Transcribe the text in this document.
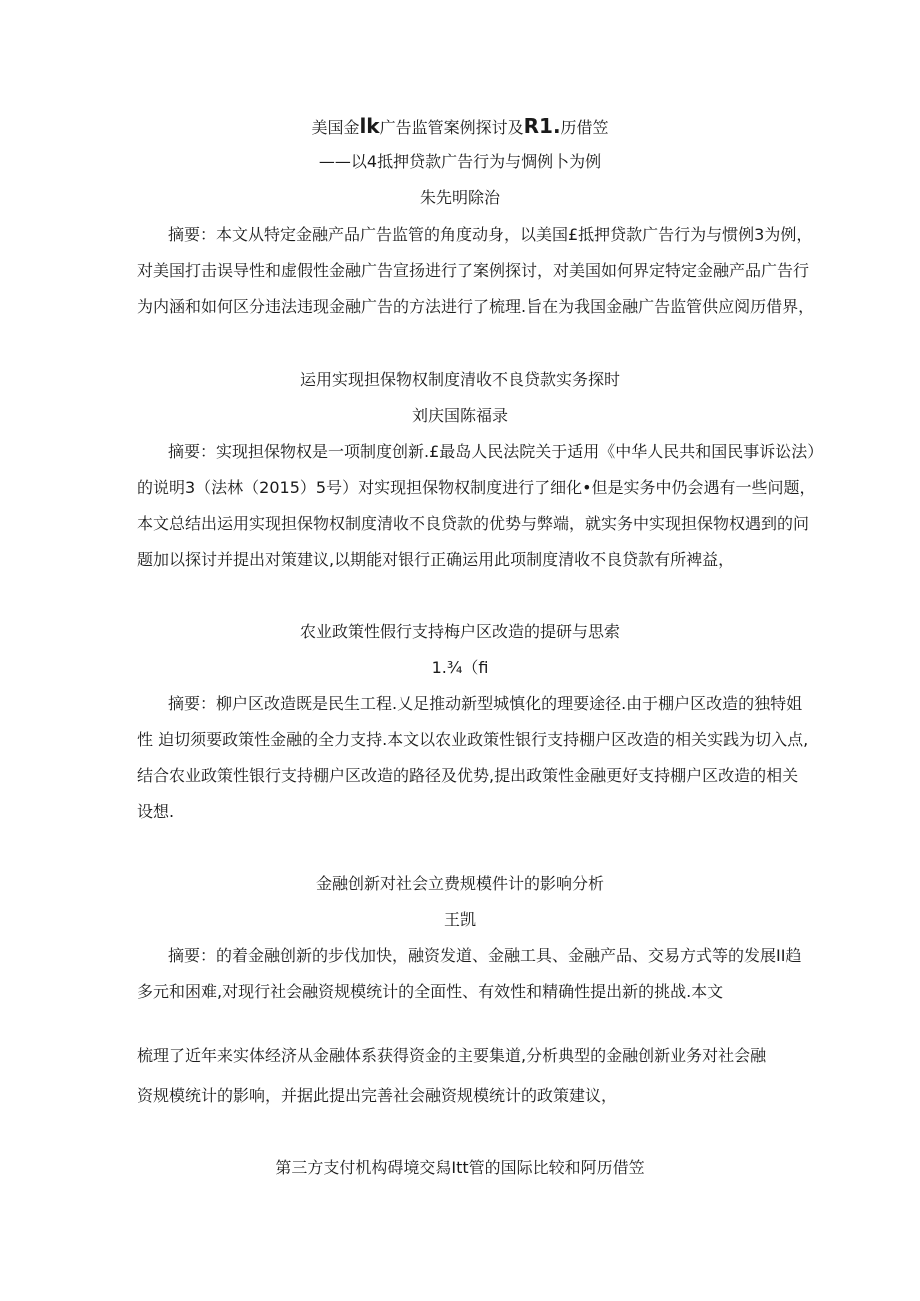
美国金lk广告监管案例探讨及R1.历借笠
——以4抵押贷款广告行为与惆例卜为例
朱先明除治
摘要：本文从特定金融产品广告监管的角度动身，以美国£抵押贷款广告行为与惯例3为例，
对美国打击误导性和虚假性金融广告宣扬进行了案例探讨，对美国如何界定特定金融产品广告行
为内涵和如何区分违法违现金融广告的方法进行了梳理.旨在为我国金融广告监管供应阅历借界，
运用实现担保物权制度清收不良贷款实务探时
刘庆国陈福录
摘要：实现担保物权是一项制度创新.£最岛人民法院关于适用《中华人民共和国民事诉讼法）
的说明3（法林（2015）5号）对实现担保物权制度进行了细化•但是实务中仍会遇有一些问题，
本文总结出运用实现担保物权制度清收不良贷款的优势与弊端，就实务中实现担保物权遇到的问
题加以探讨并提出对策建议,以期能对银行正确运用此项制度清收不良贷款有所裨益，
农业政策性假行支持梅户区改造的提研与思索
1.¾（fi
摘要：柳户区改造既是民生工程.乂足推动新型城慎化的理要途径.由于棚户区改造的独特姐
性 迫切须要政策性金融的全力支持.本文以农业政策性银行支持棚户区改造的相关实践为切入点,
结合农业政策性银行支持棚户区改造的路径及优势,提出政策性金融更好支持棚户区改造的相关
设想.
金融创新对社会立费规模件计的影响分析
王凯
摘要：的着金融创新的步伐加快，融资发道、金融工具、金融产品、交易方式等的发展II趋
多元和困难,对现行社会融资规模统计的全面性、有效性和精确性提出新的挑战.本文
梳理了近年来实体经济从金融体系获得资金的主要集道,分析典型的金融创新业务对社会融
资规模统计的影响，并据此提出完善社会融资规模统计的政策建议，
第三方支付机构碍境交舄Itt管的国际比较和阿历借笠
